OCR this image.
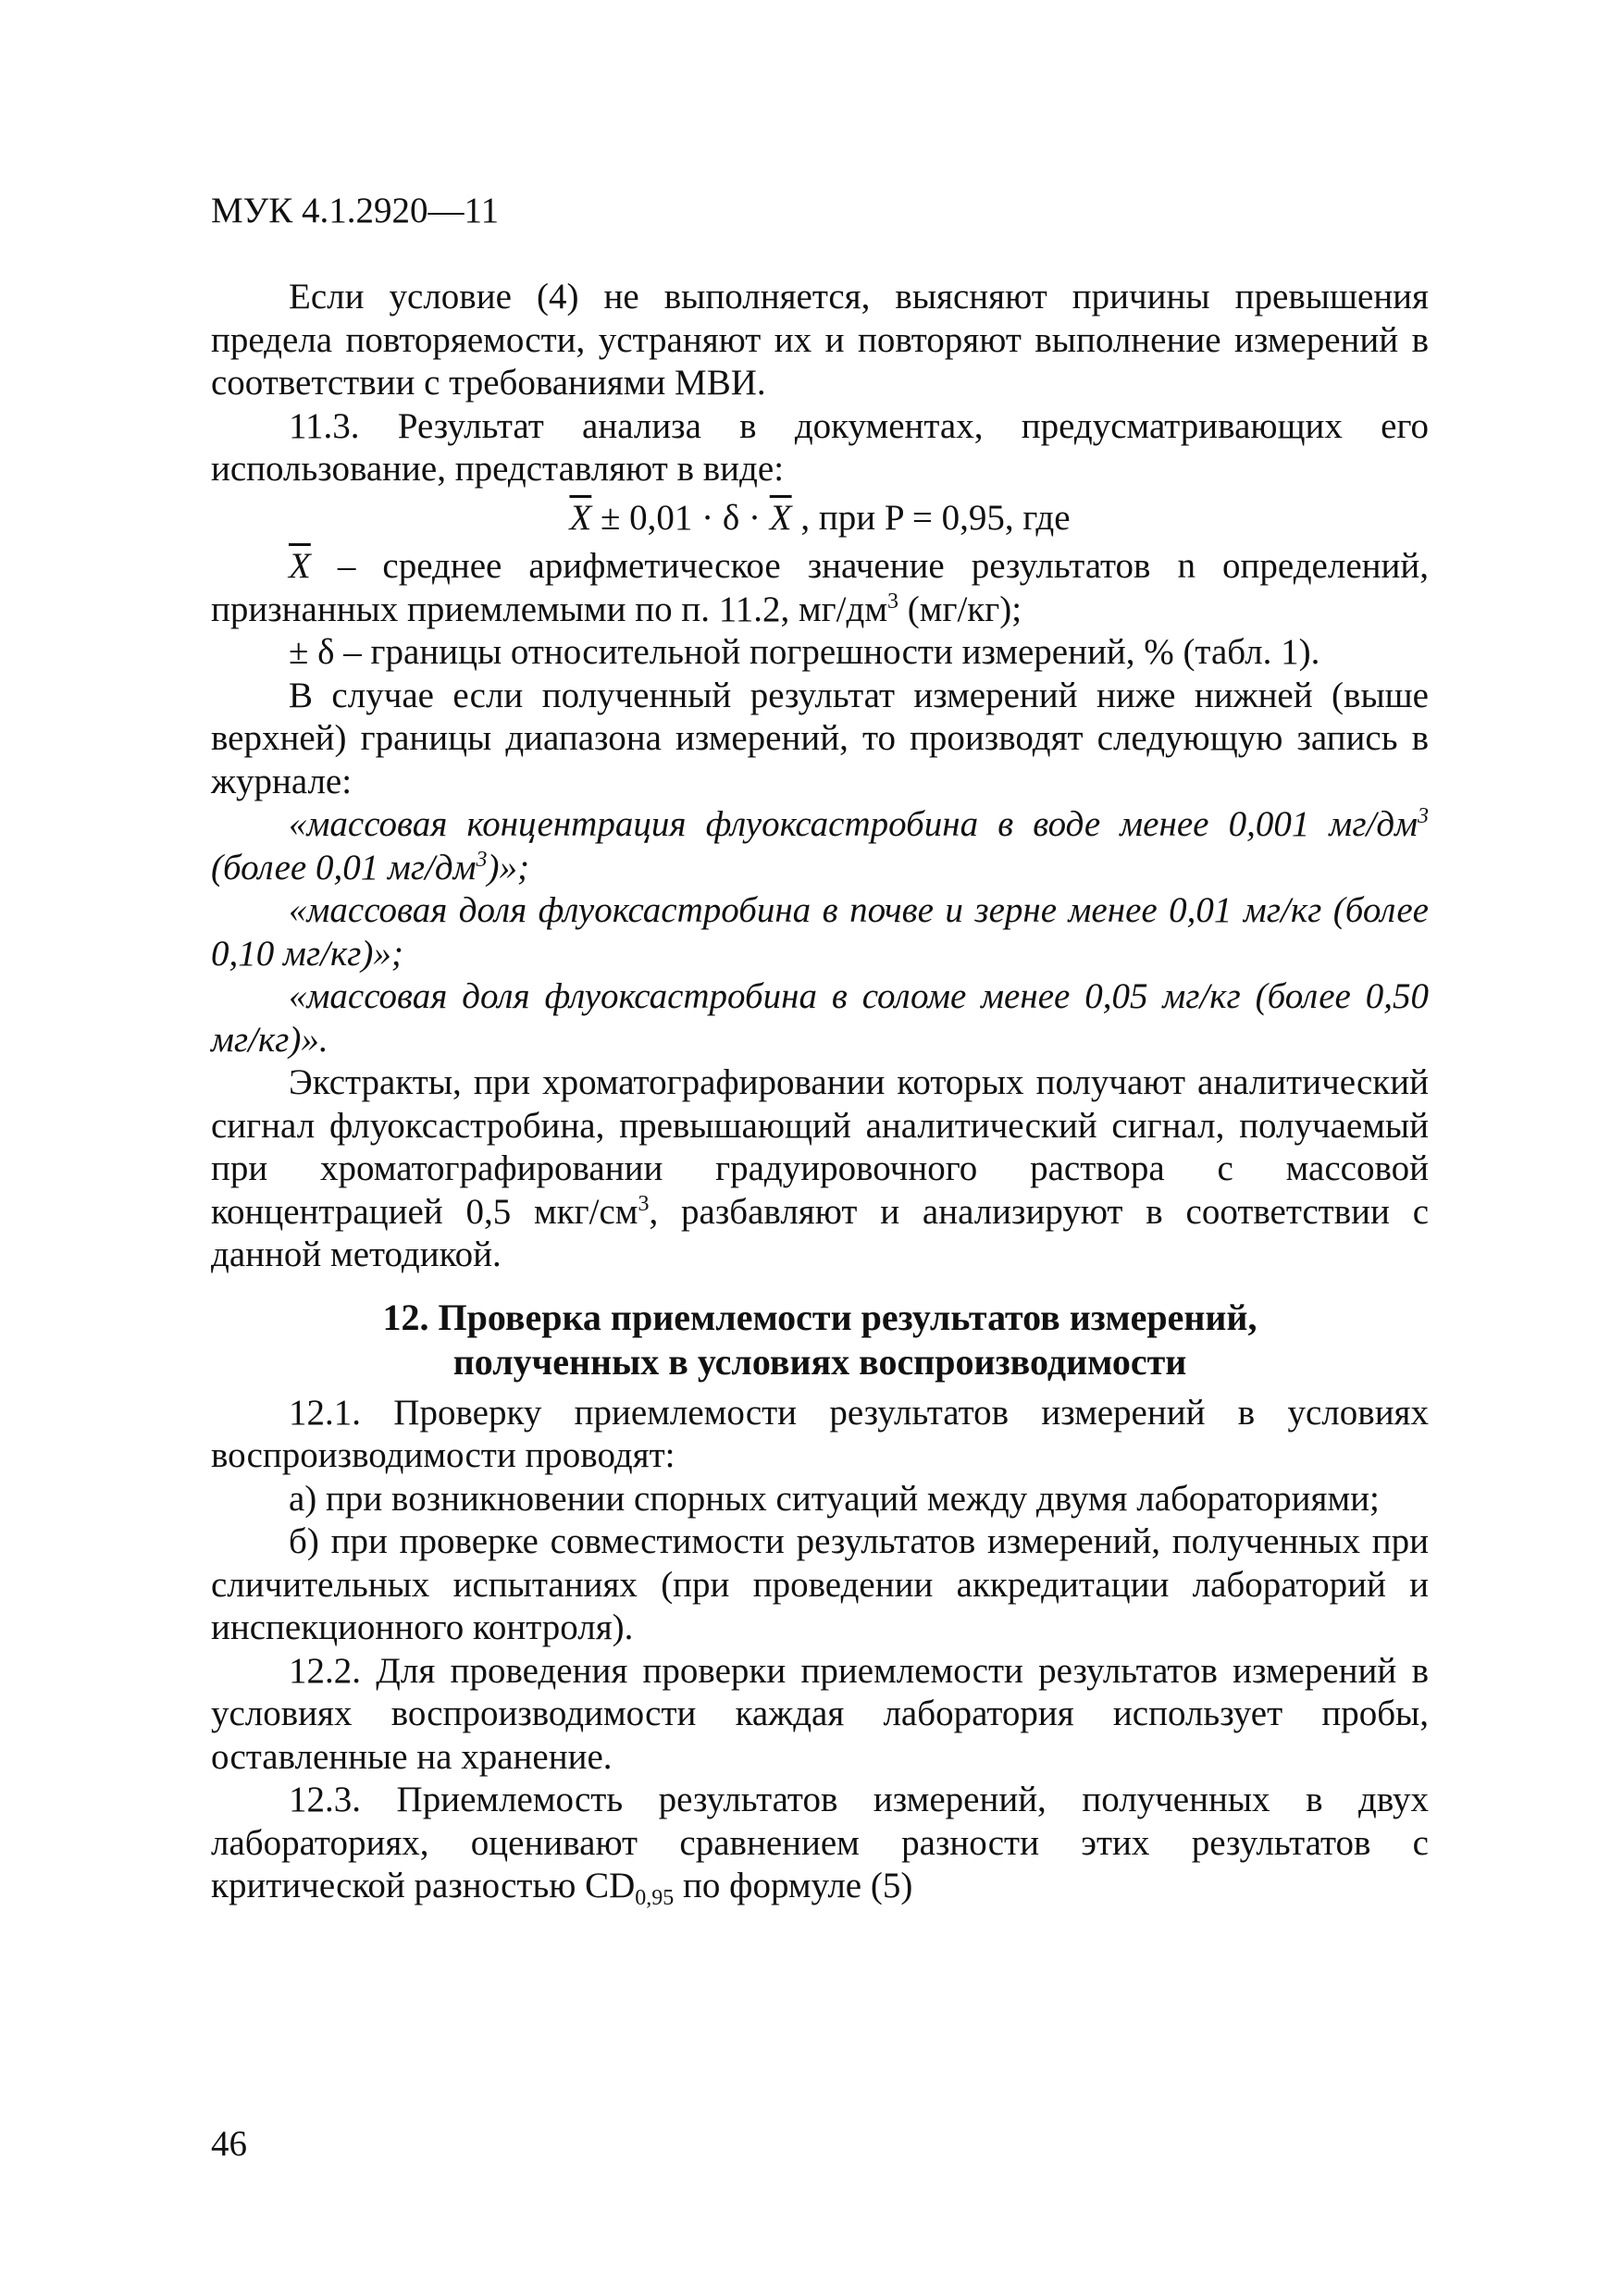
МУК 4.1.2920—11

Если условие (4) не выполняется, выясняют причины превышения предела повторяемости, устраняют их и повторяют выполнение измерений в соответствии с требованиями МВИ.

11.3. Результат анализа в документах, предусматривающих его использование, представляют в виде:

$\overline{X} \pm 0,01 \cdot \delta \cdot \overline{X}$ , при P = 0,95, где

$\overline{X}$ – среднее арифметическое значение результатов n определений, признанных приемлемыми по п. 11.2, $мг/дм^3$ (мг/кг);

± δ – границы относительной погрешности измерений, % (табл. 1).

В случае если полученный результат измерений ниже нижней (выше верхней) границы диапазона измерений, то производят следующую запись в журнале:

«массовая концентрация флуоксастробина в воде менее 0,001 $мг/дм^3$ (более 0,01 $мг/дм^3$)»;

«массовая доля флуоксастробина в почве и зерне менее 0,01 мг/кг (более 0,10 мг/кг)»;

«массовая доля флуоксастробина в соломе менее 0,05 мг/кг (более 0,50 мг/кг)».

Экстракты, при хроматографировании которых получают аналитический сигнал флуоксастробина, превышающий аналитический сигнал, получаемый при хроматографировании градуировочного раствора с массовой концентрацией 0,5 мкг/$см^3$, разбавляют и анализируют в соответствии с данной методикой.

12. Проверка приемлемости результатов измерений,
полученных в условиях воспроизводимости

12.1. Проверку приемлемости результатов измерений в условиях воспроизводимости проводят:

а) при возникновении спорных ситуаций между двумя лабораториями;

б) при проверке совместимости результатов измерений, полученных при сличительных испытаниях (при проведении аккредитации лабораторий и инспекционного контроля).

12.2. Для проведения проверки приемлемости результатов измерений в условиях воспроизводимости каждая лаборатория использует пробы, оставленные на хранение.

12.3. Приемлемость результатов измерений, полученных в двух лабораториях, оценивают сравнением разности этих результатов с критической разностью $CD_{0,95}$ по формуле (5)

46
